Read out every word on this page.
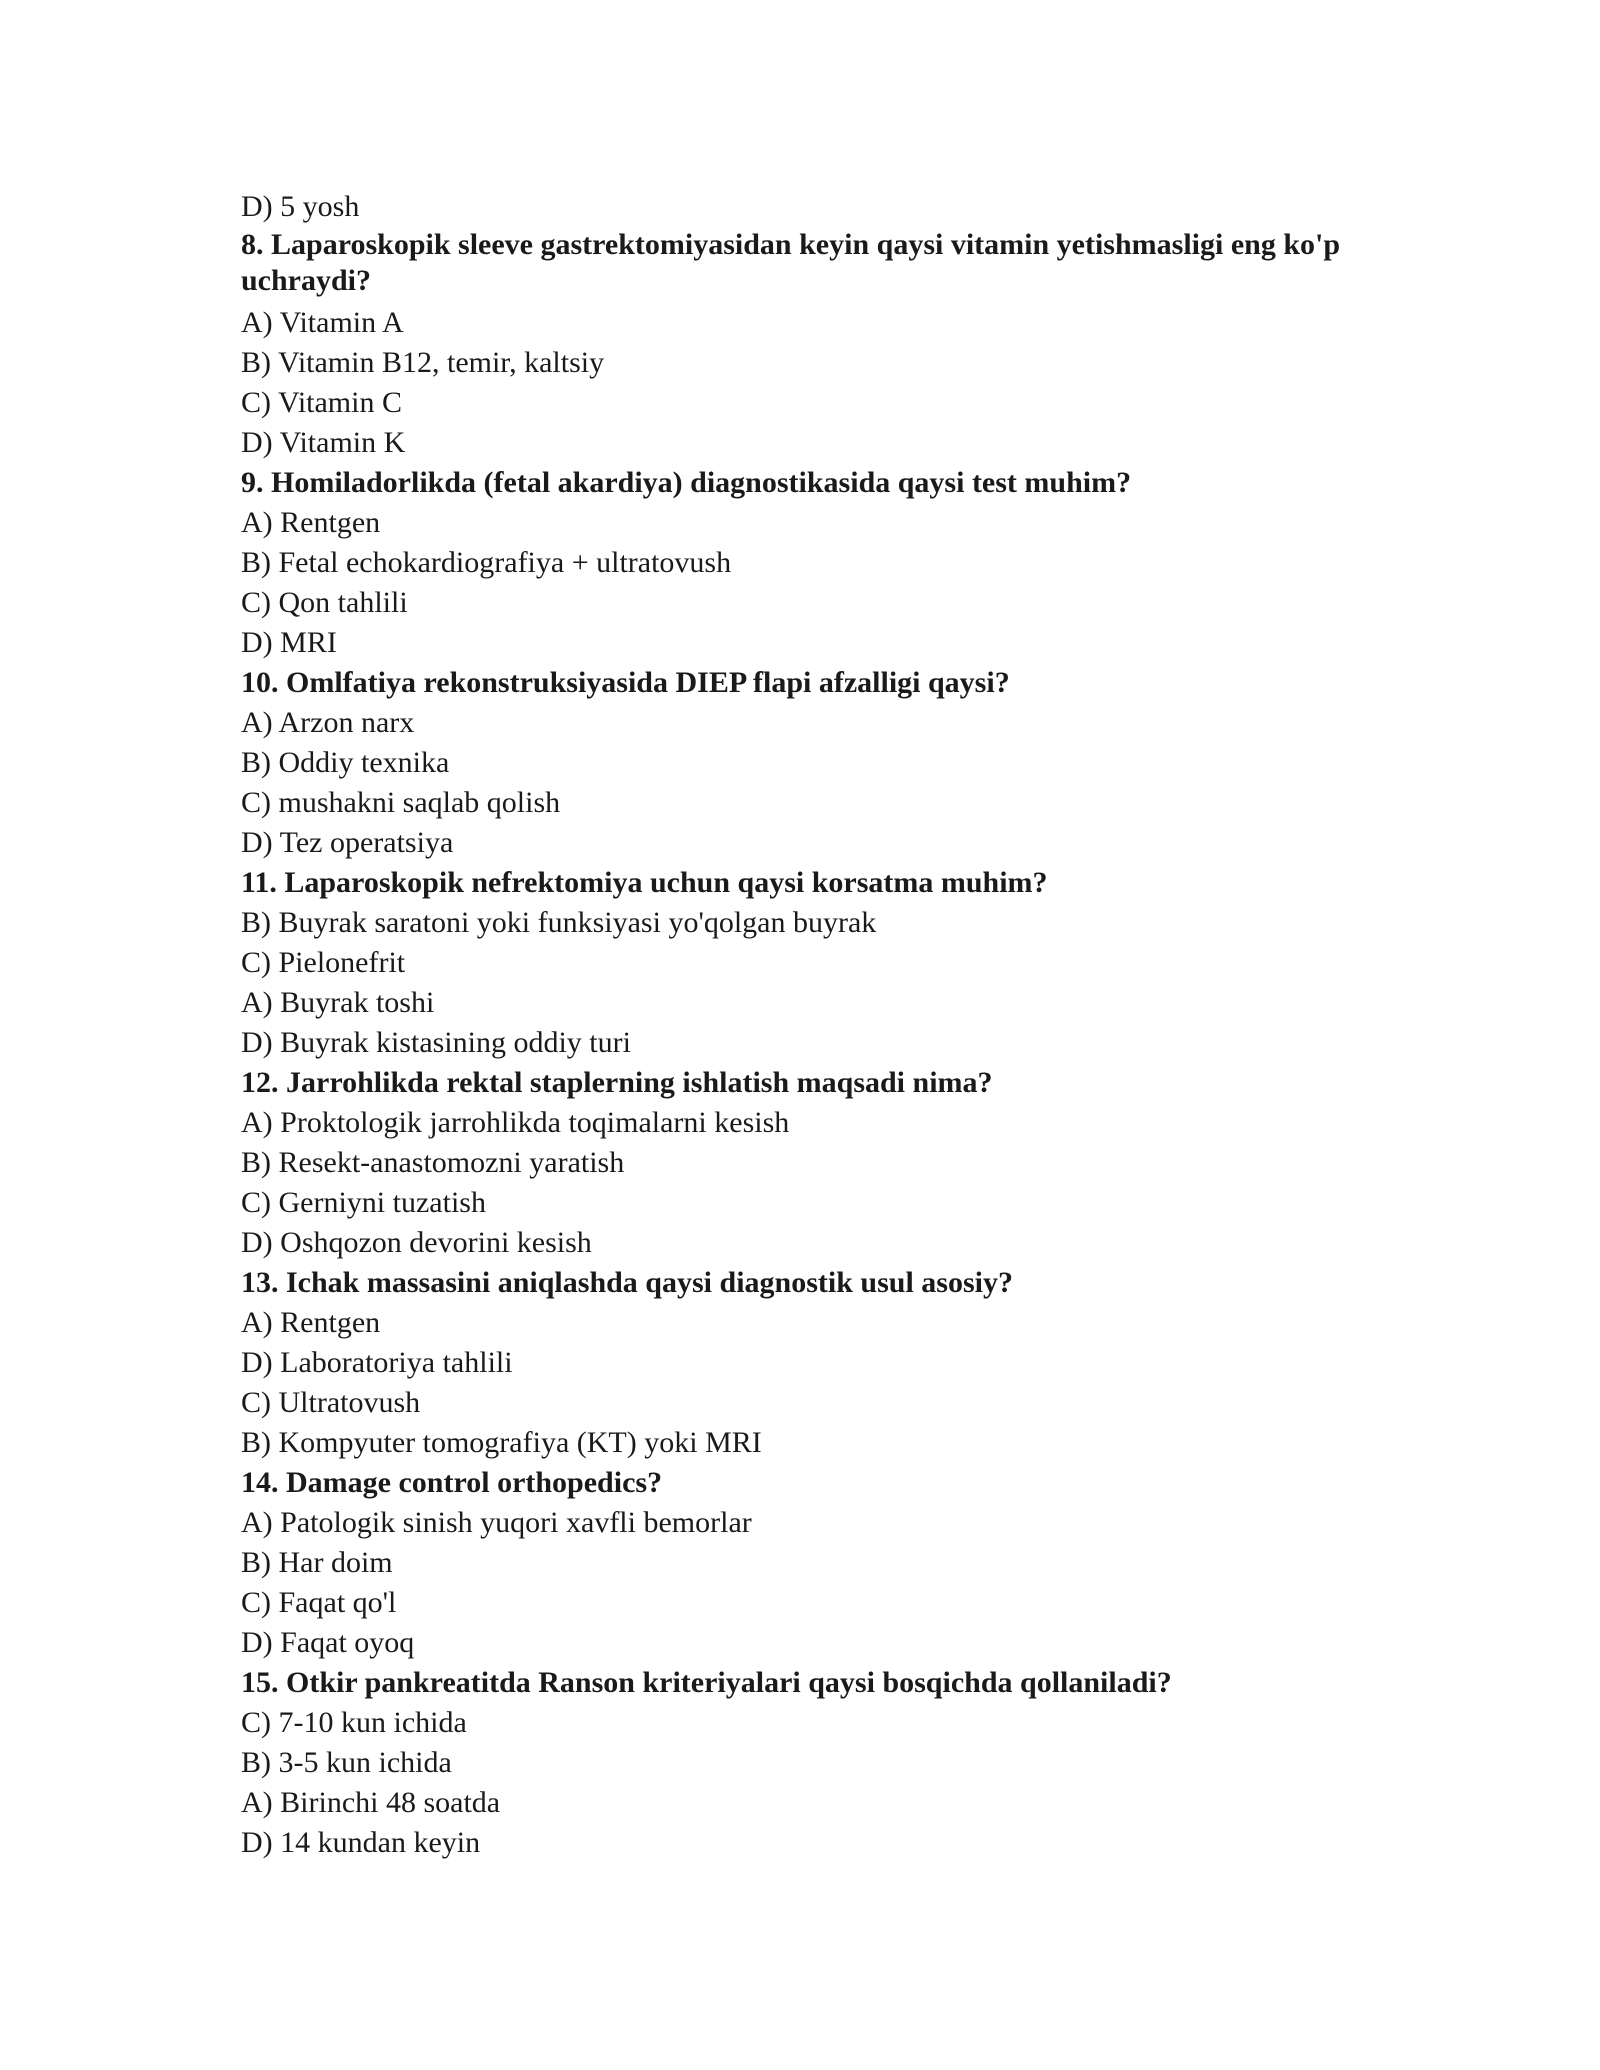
D) 5 yosh

8. Laparoskopik sleeve gastrektomiyasidan keyin qaysi vitamin yetishmasligi eng ko'p uchraydi?

A) Vitamin A

B) Vitamin B12, temir, kaltsiy

C) Vitamin C

D) Vitamin K

9. Homiladorlikda (fetal akardiya) diagnostikasida qaysi test muhim?

A) Rentgen

B) Fetal echokardiografiya + ultratovush

C) Qon tahlili

D) MRI

10. Omlfatiya rekonstruksiyasida DIEP flapi afzalligi qaysi?

A) Arzon narx

B) Oddiy texnika

C) mushakni saqlab qolish

D) Tez operatsiya

11. Laparoskopik nefrektomiya uchun qaysi korsatma muhim?

B) Buyrak saratoni yoki funksiyasi yo'qolgan buyrak

C) Pielonefrit

A) Buyrak toshi

D) Buyrak kistasining oddiy turi

12. Jarrohlikda rektal staplerning ishlatish maqsadi nima?

A) Proktologik jarrohlikda toqimalarni kesish

B) Resekt-anastomozni yaratish

C) Gerniyni tuzatish

D) Oshqozon devorini kesish

13. Ichak massasini aniqlashda qaysi diagnostik usul asosiy?

A) Rentgen

D) Laboratoriya tahlili

C) Ultratovush

B) Kompyuter tomografiya (KT) yoki MRI

14. Damage control orthopedics?

A) Patologik sinish yuqori xavfli bemorlar

B) Har doim

C) Faqat qo'l

D) Faqat oyoq

15. Otkir pankreatitda Ranson kriteriyalari qaysi bosqichda qollaniladi?

C) 7-10 kun ichida

B) 3-5 kun ichida

A) Birinchi 48 soatda

D) 14 kundan keyin
